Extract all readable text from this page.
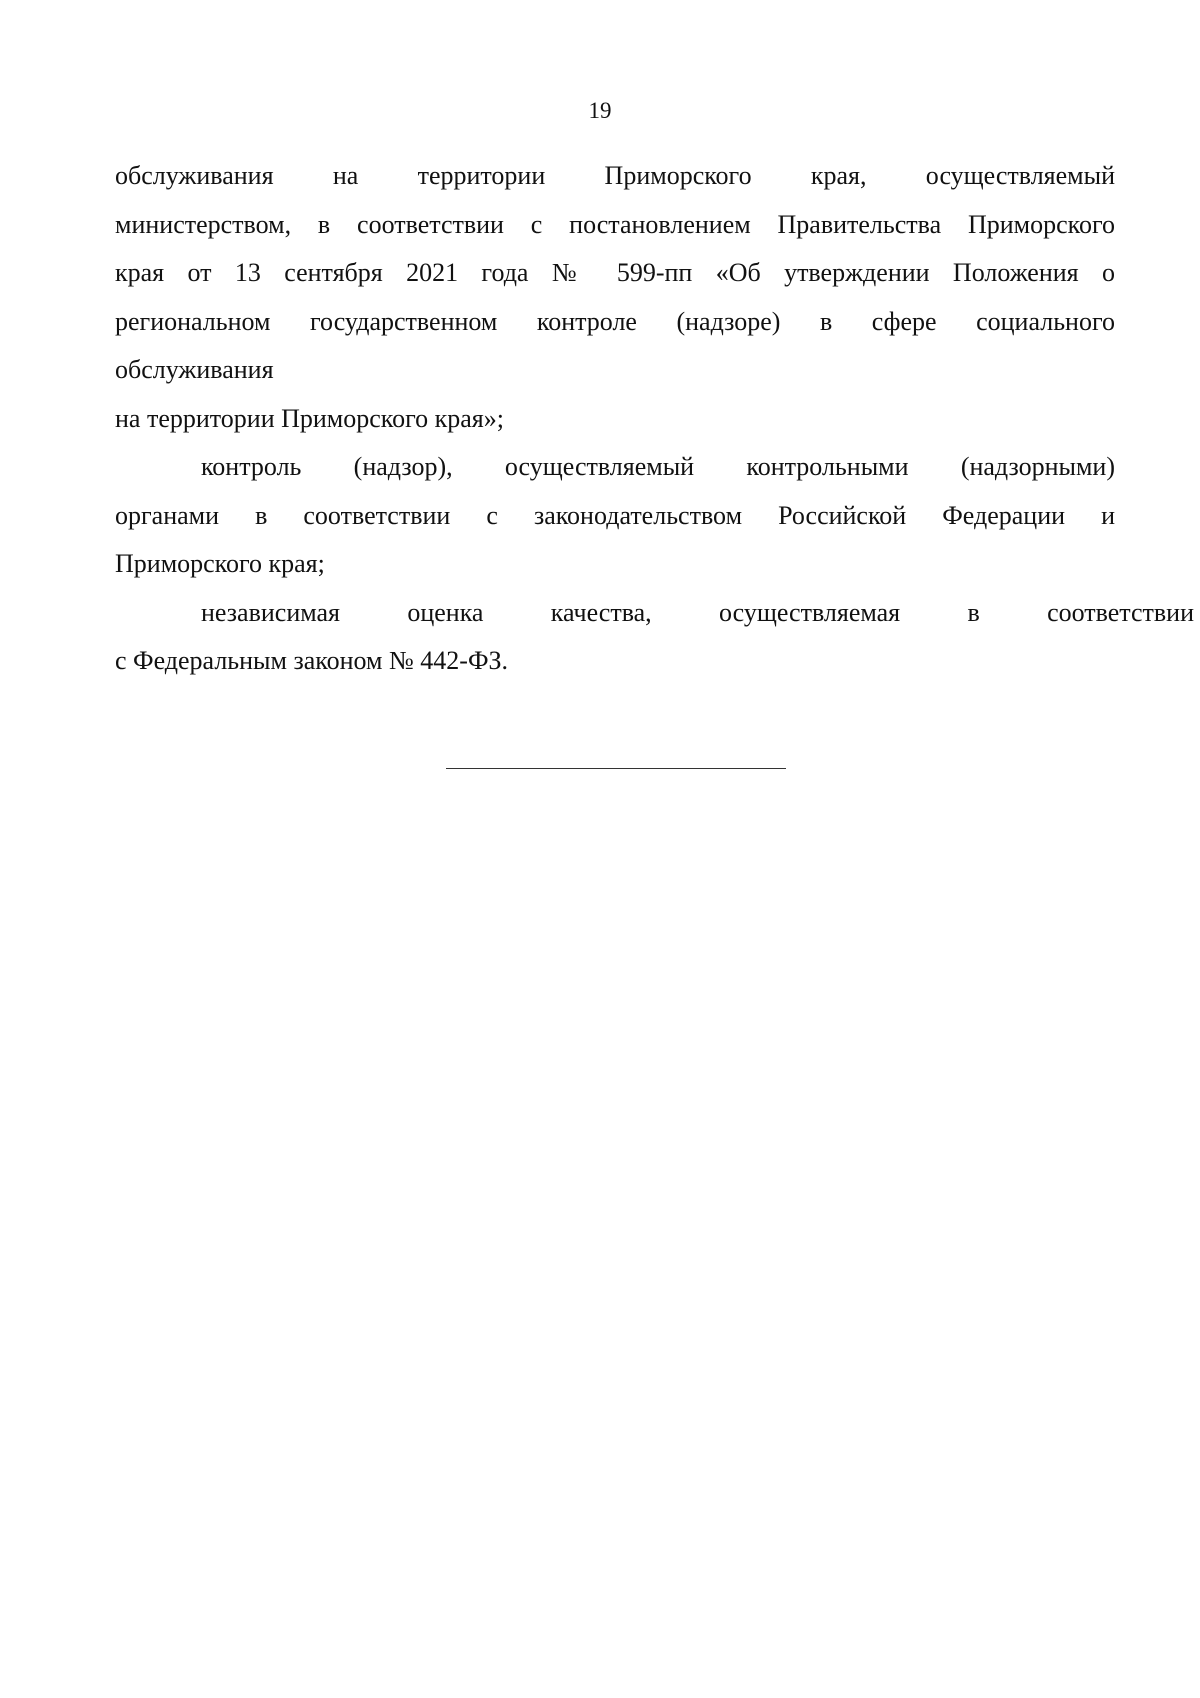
19
обслуживания на территории Приморского края, осуществляемый
министерством, в соответствии с постановлением Правительства Приморского
края от 13 сентября 2021 года № 599-пп «Об утверждении Положения о
региональном государственном контроле (надзоре) в сфере социального
обслуживания
на территории Приморского края»;
контроль (надзор), осуществляемый контрольными (надзорными)
органами в соответствии с законодательством Российской Федерации и
Приморского края;
независимая оценка качества, осуществляемая в соответствии
с Федеральным законом № 442-ФЗ.
